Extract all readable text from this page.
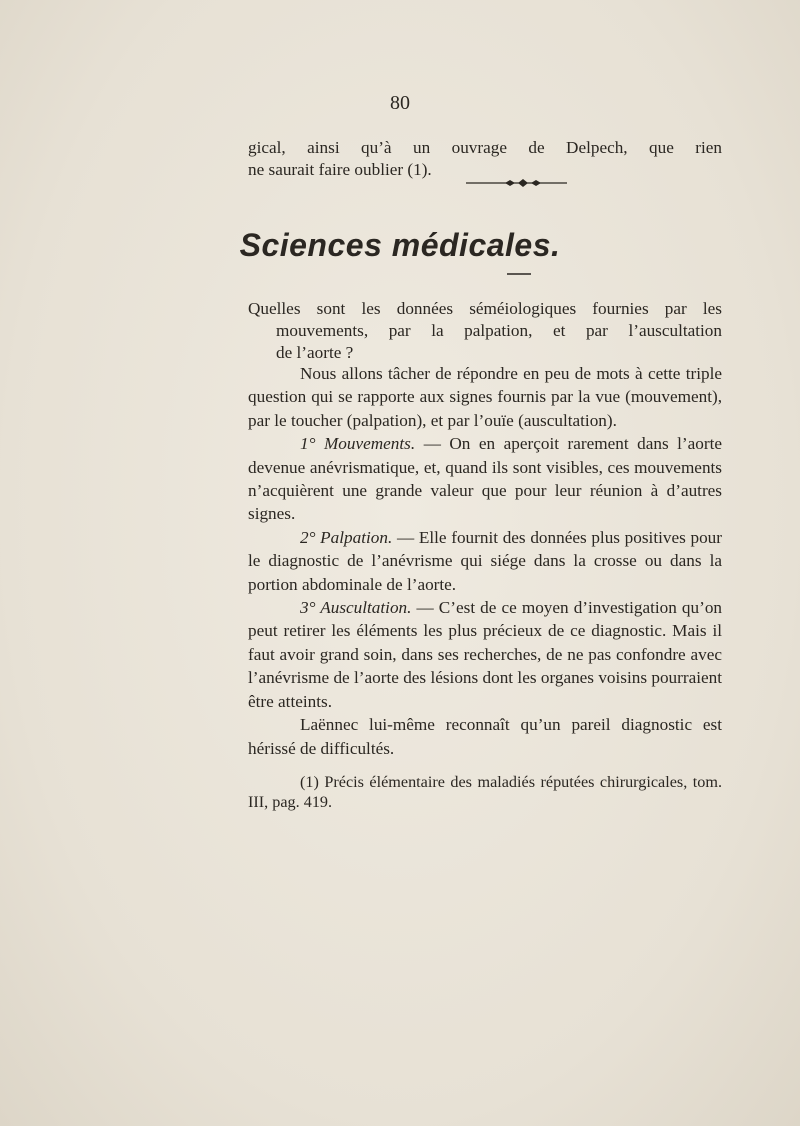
80

gical, ainsi qu’à un ouvrage de Delpech, que rien

ne saurait faire oublier (1).

Sciences médicales.

Quelles sont les données séméiologiques fournies par les

mouvements, par la palpation, et par l’auscultation

de l’aorte ?

Nous allons tâcher de répondre en peu de mots à cette triple question qui se rapporte aux signes fournis par la vue (mouvement), par le toucher (palpation), et par l’ouïe (auscultation).

1° Mouvements. — On en aperçoit rarement dans l’aorte devenue anévrismatique, et, quand ils sont visibles, ces mouvements n’acquièrent une grande valeur que pour leur réunion à d’autres signes.

2° Palpation. — Elle fournit des données plus positives pour le diagnostic de l’anévrisme qui siége dans la crosse ou dans la portion abdominale de l’aorte.

3° Auscultation. — C’est de ce moyen d’investigation qu’on peut retirer les éléments les plus précieux de ce diagnostic. Mais il faut avoir grand soin, dans ses recherches, de ne pas confondre avec l’anévrisme de l’aorte des lésions dont les organes voisins pourraient être atteints.

Laënnec lui-même reconnaît qu’un pareil diagnostic est hérissé de difficultés.

(1) Précis élémentaire des maladiés réputées chirurgicales, tom. III, pag. 419.
